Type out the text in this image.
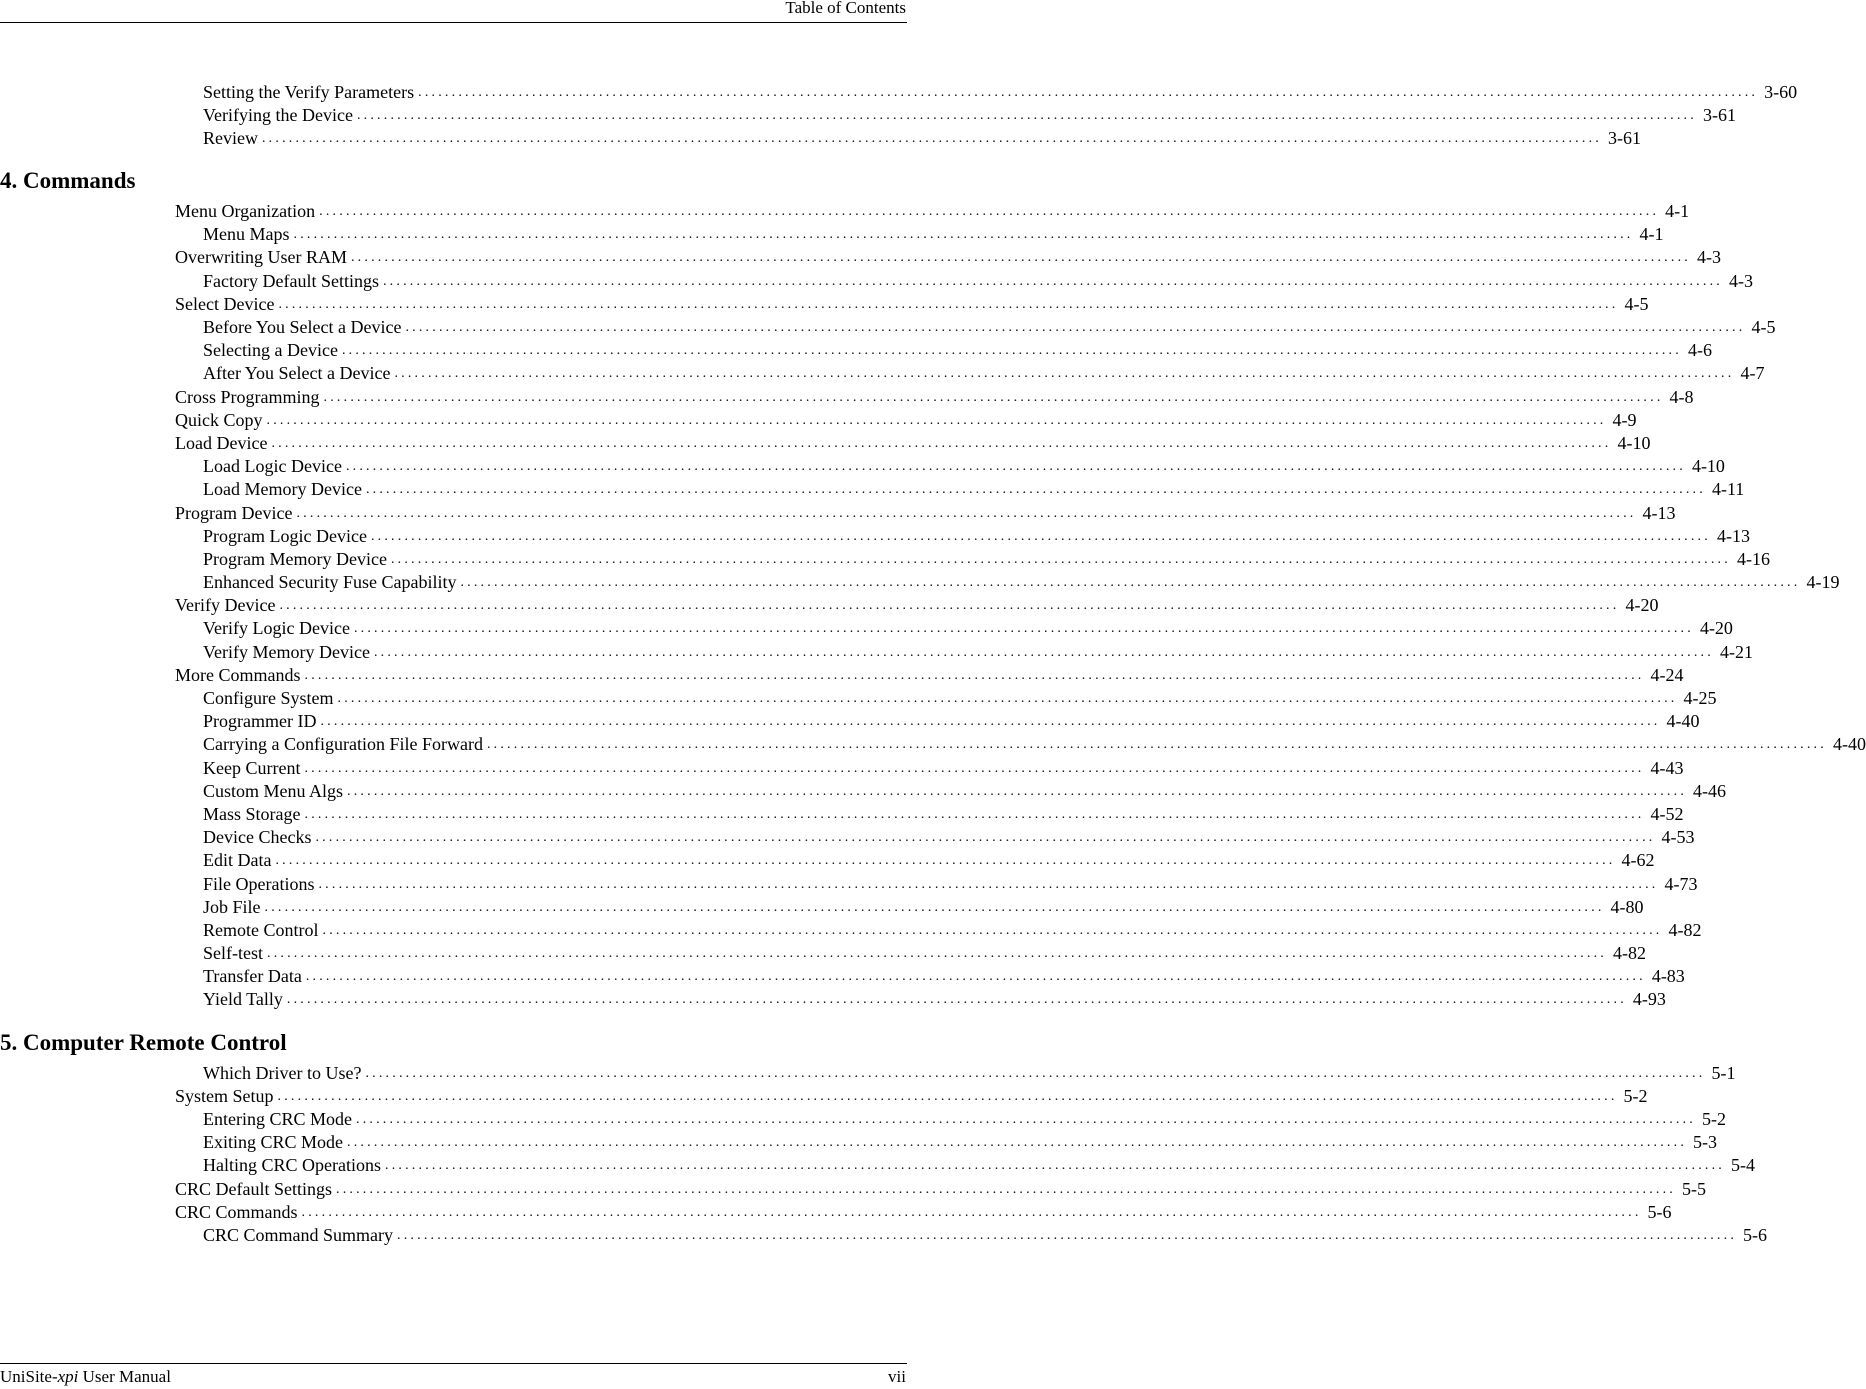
Table of Contents
Setting the Verify Parameters ........................................................................................................................................................................................................ 3-60
Verifying the Device ........................................................................................................................................................................................................ 3-61
Review ........................................................................................................................................................................................................ 3-61
4. Commands
Menu Organization ........................................................................................................................................................................................................ 4-1
Menu Maps ........................................................................................................................................................................................................ 4-1
Overwriting User RAM ........................................................................................................................................................................................................ 4-3
Factory Default Settings ........................................................................................................................................................................................................ 4-3
Select Device ........................................................................................................................................................................................................ 4-5
Before You Select a Device ........................................................................................................................................................................................................ 4-5
Selecting a Device ........................................................................................................................................................................................................ 4-6
After You Select a Device ........................................................................................................................................................................................................ 4-7
Cross Programming ........................................................................................................................................................................................................ 4-8
Quick Copy ........................................................................................................................................................................................................ 4-9
Load Device ........................................................................................................................................................................................................ 4-10
Load Logic Device ........................................................................................................................................................................................................ 4-10
Load Memory Device ........................................................................................................................................................................................................ 4-11
Program Device ........................................................................................................................................................................................................ 4-13
Program Logic Device ........................................................................................................................................................................................................ 4-13
Program Memory Device ........................................................................................................................................................................................................ 4-16
Enhanced Security Fuse Capability ........................................................................................................................................................................................................ 4-19
Verify Device ........................................................................................................................................................................................................ 4-20
Verify Logic Device ........................................................................................................................................................................................................ 4-20
Verify Memory Device ........................................................................................................................................................................................................ 4-21
More Commands ........................................................................................................................................................................................................ 4-24
Configure System ........................................................................................................................................................................................................ 4-25
Programmer ID ........................................................................................................................................................................................................ 4-40
Carrying a Configuration File Forward ........................................................................................................................................................................................................ 4-40
Keep Current ........................................................................................................................................................................................................ 4-43
Custom Menu Algs ........................................................................................................................................................................................................ 4-46
Mass Storage ........................................................................................................................................................................................................ 4-52
Device Checks ........................................................................................................................................................................................................ 4-53
Edit Data ........................................................................................................................................................................................................ 4-62
File Operations ........................................................................................................................................................................................................ 4-73
Job File ........................................................................................................................................................................................................ 4-80
Remote Control ........................................................................................................................................................................................................ 4-82
Self-test ........................................................................................................................................................................................................ 4-82
Transfer Data ........................................................................................................................................................................................................ 4-83
Yield Tally ........................................................................................................................................................................................................ 4-93
5. Computer Remote Control
Which Driver to Use? ........................................................................................................................................................................................................ 5-1
System Setup ........................................................................................................................................................................................................ 5-2
Entering CRC Mode ........................................................................................................................................................................................................ 5-2
Exiting CRC Mode ........................................................................................................................................................................................................ 5-3
Halting CRC Operations ........................................................................................................................................................................................................ 5-4
CRC Default Settings ........................................................................................................................................................................................................ 5-5
CRC Commands ........................................................................................................................................................................................................ 5-6
CRC Command Summary ........................................................................................................................................................................................................ 5-6
UniSite-xpi User Manual	vii
